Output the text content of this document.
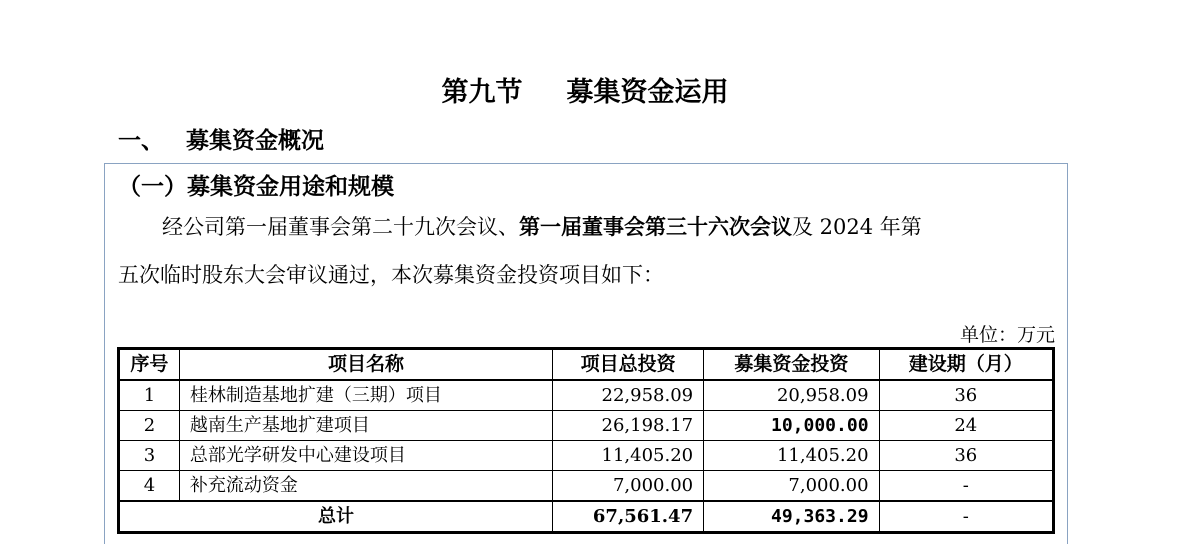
第九节 募集资金运用
一、 募集资金概况
（一）募集资金用途和规模
经公司第一届董事会第二十九次会议、第一届董事会第三十六次会议及 2024 年第
五次临时股东大会审议通过，本次募集资金投资项目如下：
单位：万元
序号	项目名称	项目总投资	募集资金投资	建设期（月）
1	桂林制造基地扩建（三期）项目	22,958.09	20,958.09	36
2	越南生产基地扩建项目	26,198.17	10,000.00	24
3	总部光学研发中心建设项目	11,405.20	11,405.20	36
4	补充流动资金	7,000.00	7,000.00	-
总计		67,561.47	49,363.29	-
